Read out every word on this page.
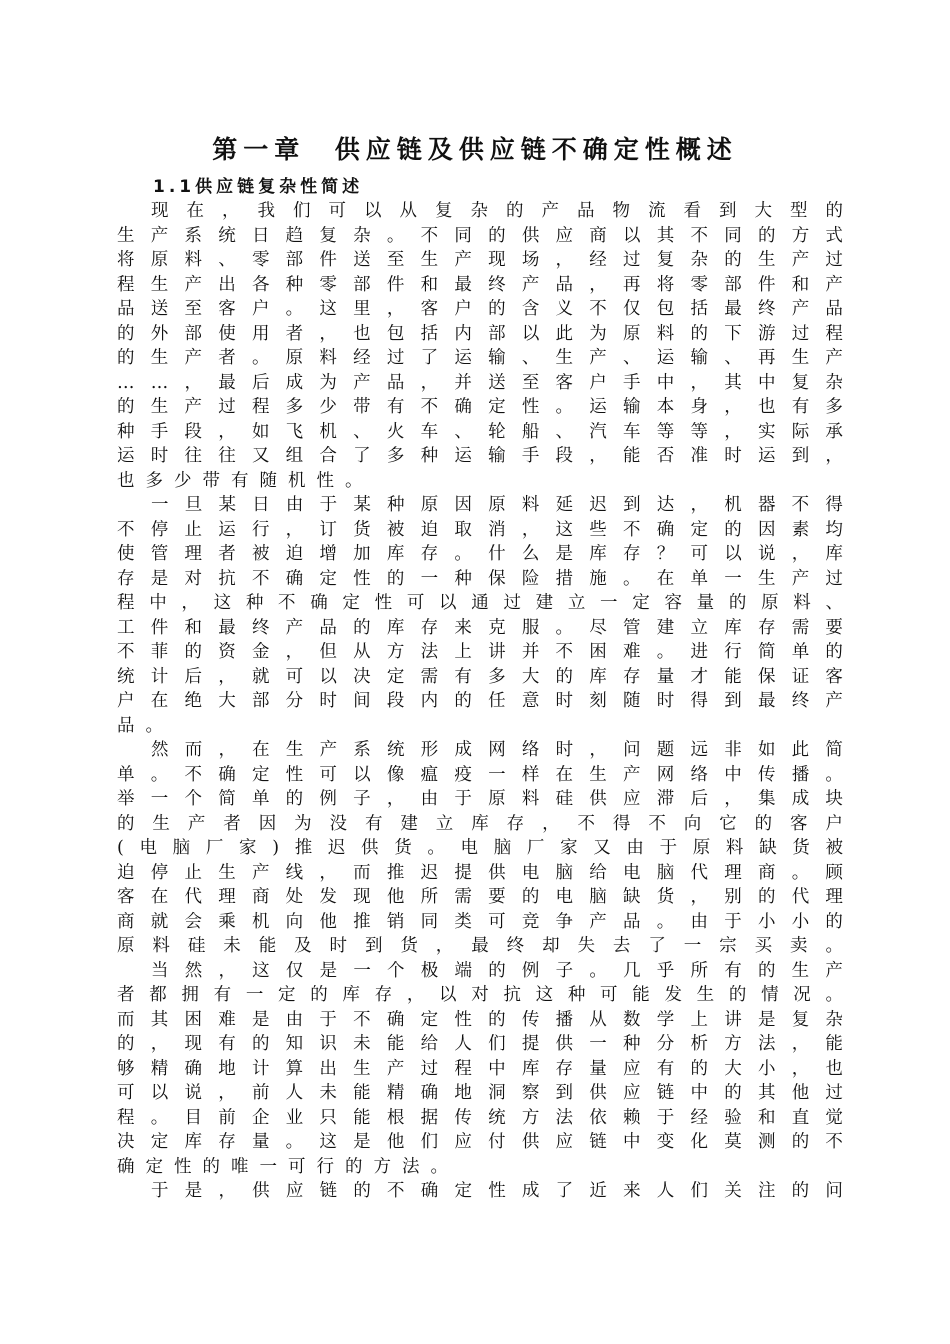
第一章  供应链及供应链不确定性概述
1.1供应链复杂性简述
现 在 ， 我 们 可 以 从 复 杂 的 产 品 物 流 看 到 大 型 的
生 产 系 统 日 趋 复 杂 。 不 同 的 供 应 商 以 其 不 同 的 方 式
将 原 料 、 零 部 件 送 至 生 产 现 场 ， 经 过 复 杂 的 生 产 过
程 生 产 出 各 种 零 部 件 和 最 终 产 品 ， 再 将 零 部 件 和 产
品 送 至 客 户 。 这 里 ， 客 户 的 含 义 不 仅 包 括 最 终 产 品
的 外 部 使 用 者 ， 也 包 括 内 部 以 此 为 原 料 的 下 游 过 程
的 生 产 者 。 原 料 经 过 了 运 输 、 生 产 、 运 输 、 再 生 产
… … ， 最 后 成 为 产 品 ， 并 送 至 客 户 手 中 ， 其 中 复 杂
的 生 产 过 程 多 少 带 有 不 确 定 性 。 运 输 本 身 ， 也 有 多
种 手 段 ， 如 飞 机 、 火 车 、 轮 船 、 汽 车 等 等 ， 实 际 承
运 时 往 往 又 组 合 了 多 种 运 输 手 段 ， 能 否 准 时 运 到 ，
也 多 少 带 有 随 机 性 。
一 旦 某 日 由 于 某 种 原 因 原 料 延 迟 到 达 ， 机 器 不 得
不 停 止 运 行 ， 订 货 被 迫 取 消 ， 这 些 不 确 定 的 因 素 均
使 管 理 者 被 迫 增 加 库 存 。 什 么 是 库 存 ？ 可 以 说 ， 库
存 是 对 抗 不 确 定 性 的 一 种 保 险 措 施 。 在 单 一 生 产 过
程 中 ， 这 种 不 确 定 性 可 以 通 过 建 立 一 定 容 量 的 原 料 、
工 件 和 最 终 产 品 的 库 存 来 克 服 。 尽 管 建 立 库 存 需 要
不 菲 的 资 金 ， 但 从 方 法 上 讲 并 不 困 难 。 进 行 简 单 的
统 计 后 ， 就 可 以 决 定 需 有 多 大 的 库 存 量 才 能 保 证 客
户 在 绝 大 部 分 时 间 段 内 的 任 意 时 刻 随 时 得 到 最 终 产
品 。
然 而 ， 在 生 产 系 统 形 成 网 络 时 ， 问 题 远 非 如 此 简
单 。 不 确 定 性 可 以 像 瘟 疫 一 样 在 生 产 网 络 中 传 播 。
举 一 个 简 单 的 例 子 ， 由 于 原 料 硅 供 应 滞 后 ， 集 成 块
的 生 产 者 因 为 没 有 建 立 库 存 ， 不 得 不 向 它 的 客 户
( 电 脑 厂 家 ) 推 迟 供 货 。 电 脑 厂 家 又 由 于 原 料 缺 货 被
迫 停 止 生 产 线 ， 而 推 迟 提 供 电 脑 给 电 脑 代 理 商 。 顾
客 在 代 理 商 处 发 现 他 所 需 要 的 电 脑 缺 货 ， 别 的 代 理
商 就 会 乘 机 向 他 推 销 同 类 可 竞 争 产 品 。 由 于 小 小 的
原 料 硅 未 能 及 时 到 货 ， 最 终 却 失 去 了 一 宗 买 卖 。
当 然 ， 这 仅 是 一 个 极 端 的 例 子 。 几 乎 所 有 的 生 产
者 都 拥 有 一 定 的 库 存 ， 以 对 抗 这 种 可 能 发 生 的 情 况 。
而 其 困 难 是 由 于 不 确 定 性 的 传 播 从 数 学 上 讲 是 复 杂
的 ， 现 有 的 知 识 未 能 给 人 们 提 供 一 种 分 析 方 法 ， 能
够 精 确 地 计 算 出 生 产 过 程 中 库 存 量 应 有 的 大 小 ， 也
可 以 说 ， 前 人 未 能 精 确 地 洞 察 到 供 应 链 中 的 其 他 过
程 。 目 前 企 业 只 能 根 据 传 统 方 法 依 赖 于 经 验 和 直 觉
决 定 库 存 量 。 这 是 他 们 应 付 供 应 链 中 变 化 莫 测 的 不
确 定 性 的 唯 一 可 行 的 方 法 。
于 是 ， 供 应 链 的 不 确 定 性 成 了 近 来 人 们 关 注 的 问
